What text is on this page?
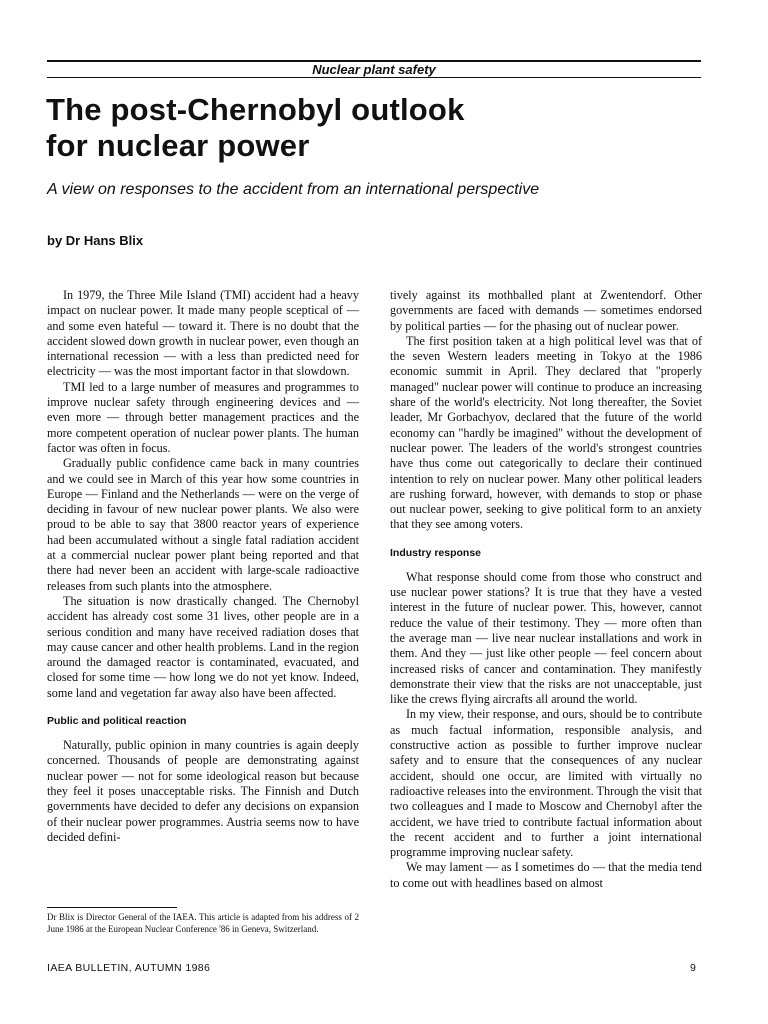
Nuclear plant safety
The post-Chernobyl outlook
for nuclear power
A view on responses to the accident from an international perspective
by Dr Hans Blix

In 1979, the Three Mile Island (TMI) accident had a heavy impact on nuclear power. It made many people sceptical of — and some even hateful — toward it. There is no doubt that the accident slowed down growth in nuclear power, even though an international recession — with a less than predicted need for electricity — was the most important factor in that slowdown.

TMI led to a large number of measures and programmes to improve nuclear safety through engineering devices and — even more — through better management practices and the more competent operation of nuclear power plants. The human factor was often in focus.

Gradually public confidence came back in many countries and we could see in March of this year how some countries in Europe — Finland and the Netherlands — were on the verge of deciding in favour of new nuclear power plants. We also were proud to be able to say that 3800 reactor years of experience had been accumulated without a single fatal radiation accident at a commercial nuclear power plant being reported and that there had never been an accident with large-scale radioactive releases from such plants into the atmosphere.

The situation is now drastically changed. The Chernobyl accident has already cost some 31 lives, other people are in a serious condition and many have received radiation doses that may cause cancer and other health problems. Land in the region around the damaged reactor is contaminated, evacuated, and closed for some time — how long we do not yet know. Indeed, some land and vegetation far away also have been affected.

Public and political reaction

Naturally, public opinion in many countries is again deeply concerned. Thousands of people are demonstrating against nuclear power — not for some ideological reason but because they feel it poses unacceptable risks. The Finnish and Dutch governments have decided to defer any decisions on expansion of their nuclear power programmes. Austria seems now to have decided defini-

tively against its mothballed plant at Zwentendorf. Other governments are faced with demands — sometimes endorsed by political parties — for the phasing out of nuclear power.

The first position taken at a high political level was that of the seven Western leaders meeting in Tokyo at the 1986 economic summit in April. They declared that "properly managed" nuclear power will continue to produce an increasing share of the world's electricity. Not long thereafter, the Soviet leader, Mr Gorbachyov, declared that the future of the world economy can "hardly be imagined" without the development of nuclear power. The leaders of the world's strongest countries have thus come out categorically to declare their continued intention to rely on nuclear power. Many other political leaders are rushing forward, however, with demands to stop or phase out nuclear power, seeking to give political form to an anxiety that they see among voters.

Industry response

What response should come from those who construct and use nuclear power stations? It is true that they have a vested interest in the future of nuclear power. This, however, cannot reduce the value of their testimony. They — more often than the average man — live near nuclear installations and work in them. And they — just like other people — feel concern about increased risks of cancer and contamination. They manifestly demonstrate their view that the risks are not unacceptable, just like the crews flying aircrafts all around the world.

In my view, their response, and ours, should be to contribute as much factual information, responsible analysis, and constructive action as possible to further improve nuclear safety and to ensure that the consequences of any nuclear accident, should one occur, are limited with virtually no radioactive releases into the environment. Through the visit that two colleagues and I made to Moscow and Chernobyl after the accident, we have tried to contribute factual information about the recent accident and to further a joint international programme improving nuclear safety.

We may lament — as I sometimes do — that the media tend to come out with headlines based on almost

Dr Blix is Director General of the IAEA. This article is adapted from his address of 2 June 1986 at the European Nuclear Conference '86 in Geneva, Switzerland.
IAEA BULLETIN, AUTUMN 1986	9
